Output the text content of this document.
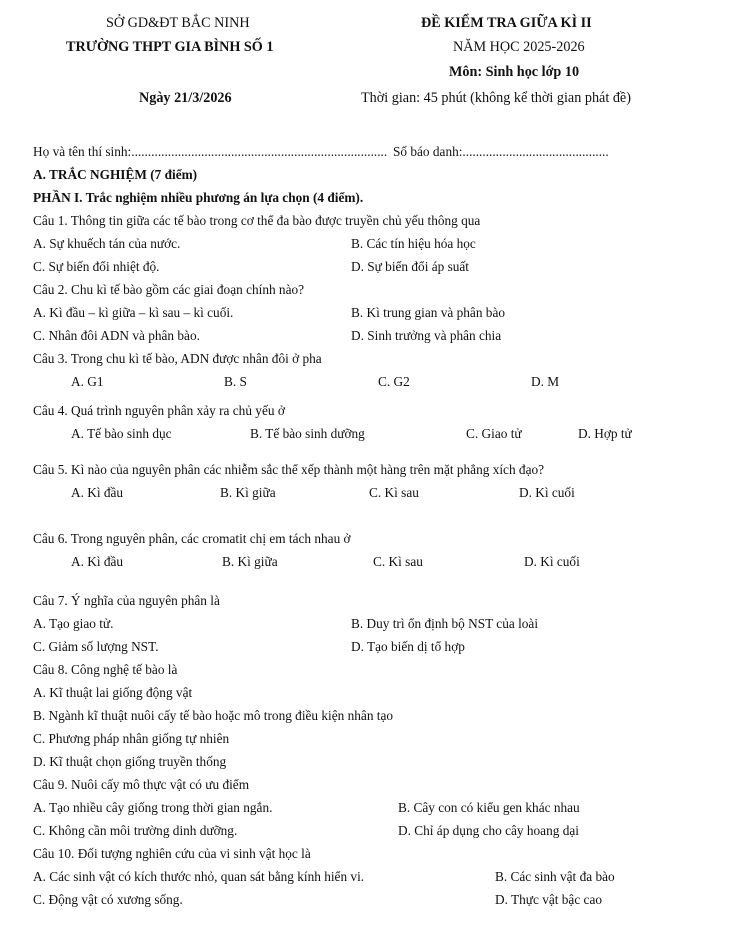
SỞ GD&ĐT BẮC NINH
TRƯỜNG THPT GIA BÌNH SỐ 1
Ngày 21/3/2026
ĐỀ KIỂM TRA GIỮA KÌ II
NĂM HỌC 2025-2026
Môn: Sinh học lớp 10
Thời gian: 45 phút (không kể thời gian phát đề)
Họ và tên thí sinh:............................................................................. Số báo danh:............................................
A. TRẮC NGHIỆM (7 điểm)
PHẦN I. Trắc nghiệm nhiều phương án lựa chọn (4 điểm).
Câu 1. Thông tin giữa các tế bào trong cơ thể đa bào được truyền chủ yếu thông qua
A. Sự khuếch tán của nước.	B. Các tín hiệu hóa học
C. Sự biến đổi nhiệt độ.	D. Sự biến đổi áp suất
Câu 2. Chu kì tế bào gồm các giai đoạn chính nào?
A. Kì đầu – kì giữa – kì sau – kì cuối.	B. Kì trung gian và phân bào
C. Nhân đôi ADN và phân bào.	D. Sinh trưởng và phân chia
Câu 3. Trong chu kì tế bào, ADN được nhân đôi ở pha
A. G1	B. S	C. G2	D. M
Câu 4. Quá trình nguyên phân xảy ra chủ yếu ở
A. Tế bào sinh dục	B. Tế bào sinh dưỡng	C. Giao tử	D. Hợp tử
Câu 5. Kì nào của nguyên phân các nhiễm sắc thể xếp thành một hàng trên mặt phẳng xích đạo?
A. Kì đầu	B. Kì giữa	C. Kì sau	D. Kì cuối
Câu 6. Trong nguyên phân, các cromatit chị em tách nhau ở
A. Kì đầu	B. Kì giữa	C. Kì sau	D. Kì cuối
Câu 7. Ý nghĩa của nguyên phân là
A. Tạo giao tử.	B. Duy trì ổn định bộ NST của loài
C. Giảm số lượng NST.	D. Tạo biến dị tổ hợp
Câu 8. Công nghệ tế bào là
A. Kĩ thuật lai giống động vật
B. Ngành kĩ thuật nuôi cấy tế bào hoặc mô trong điều kiện nhân tạo
C. Phương pháp nhân giống tự nhiên
D. Kĩ thuật chọn giống truyền thống
Câu 9. Nuôi cấy mô thực vật có ưu điểm
A. Tạo nhiều cây giống trong thời gian ngắn.	B. Cây con có kiểu gen khác nhau
C. Không cần môi trường dinh dưỡng.	D. Chỉ áp dụng cho cây hoang dại
Câu 10. Đối tượng nghiên cứu của vi sinh vật học là
A. Các sinh vật có kích thước nhỏ, quan sát bằng kính hiển vi.	B. Các sinh vật đa bào
C. Động vật có xương sống.	D. Thực vật bậc cao
